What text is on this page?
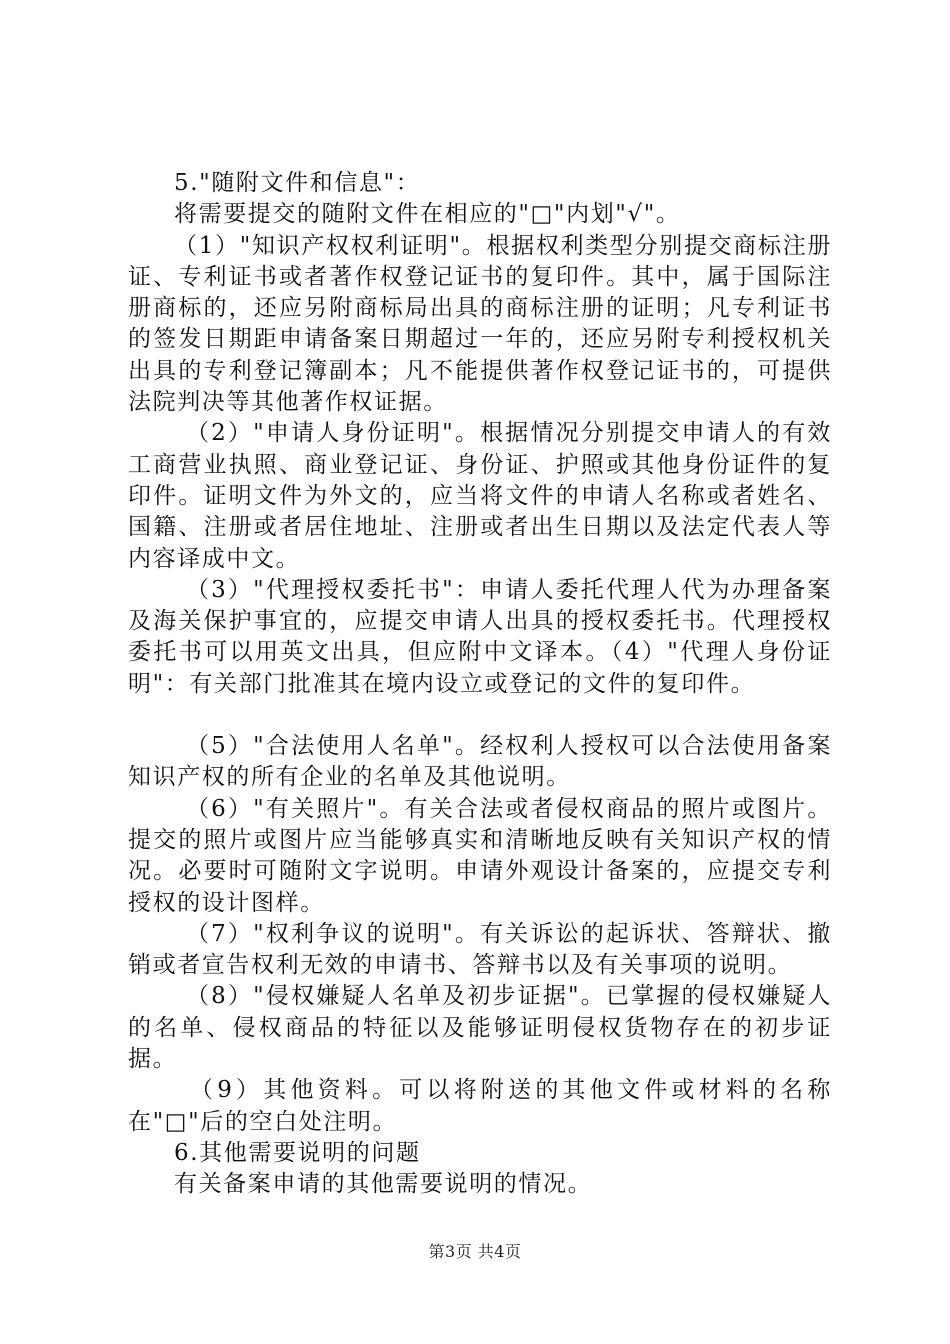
5."随附文件和信息"：

将需要提交的随附文件在相应的"□"内划"√"。

（1）"知识产权权利证明"。根据权利类型分别提交商标注册证、专利证书或者著作权登记证书的复印件。其中，属于国际注册商标的，还应另附商标局出具的商标注册的证明；凡专利证书的签发日期距申请备案日期超过一年的，还应另附专利授权机关出具的专利登记簿副本；凡不能提供著作权登记证书的，可提供法院判决等其他著作权证据。

（2）"申请人身份证明"。根据情况分别提交申请人的有效工商营业执照、商业登记证、身份证、护照或其他身份证件的复印件。证明文件为外文的，应当将文件的申请人名称或者姓名、国籍、注册或者居住地址、注册或者出生日期以及法定代表人等内容译成中文。

（3）"代理授权委托书"：申请人委托代理人代为办理备案及海关保护事宜的，应提交申请人出具的授权委托书。代理授权委托书可以用英文出具，但应附中文译本。（4）"代理人身份证明"：有关部门批准其在境内设立或登记的文件的复印件。

（5）"合法使用人名单"。经权利人授权可以合法使用备案知识产权的所有企业的名单及其他说明。

（6）"有关照片"。有关合法或者侵权商品的照片或图片。提交的照片或图片应当能够真实和清晰地反映有关知识产权的情况。必要时可随附文字说明。申请外观设计备案的，应提交专利授权的设计图样。

（7）"权利争议的说明"。有关诉讼的起诉状、答辩状、撤销或者宣告权利无效的申请书、答辩书以及有关事项的说明。

（8）"侵权嫌疑人名单及初步证据"。已掌握的侵权嫌疑人的名单、侵权商品的特征以及能够证明侵权货物存在的初步证据。

（9）其他资料。可以将附送的其他文件或材料的名称在"□"后的空白处注明。

6.其他需要说明的问题

有关备案申请的其他需要说明的情况。

第3页 共4页
